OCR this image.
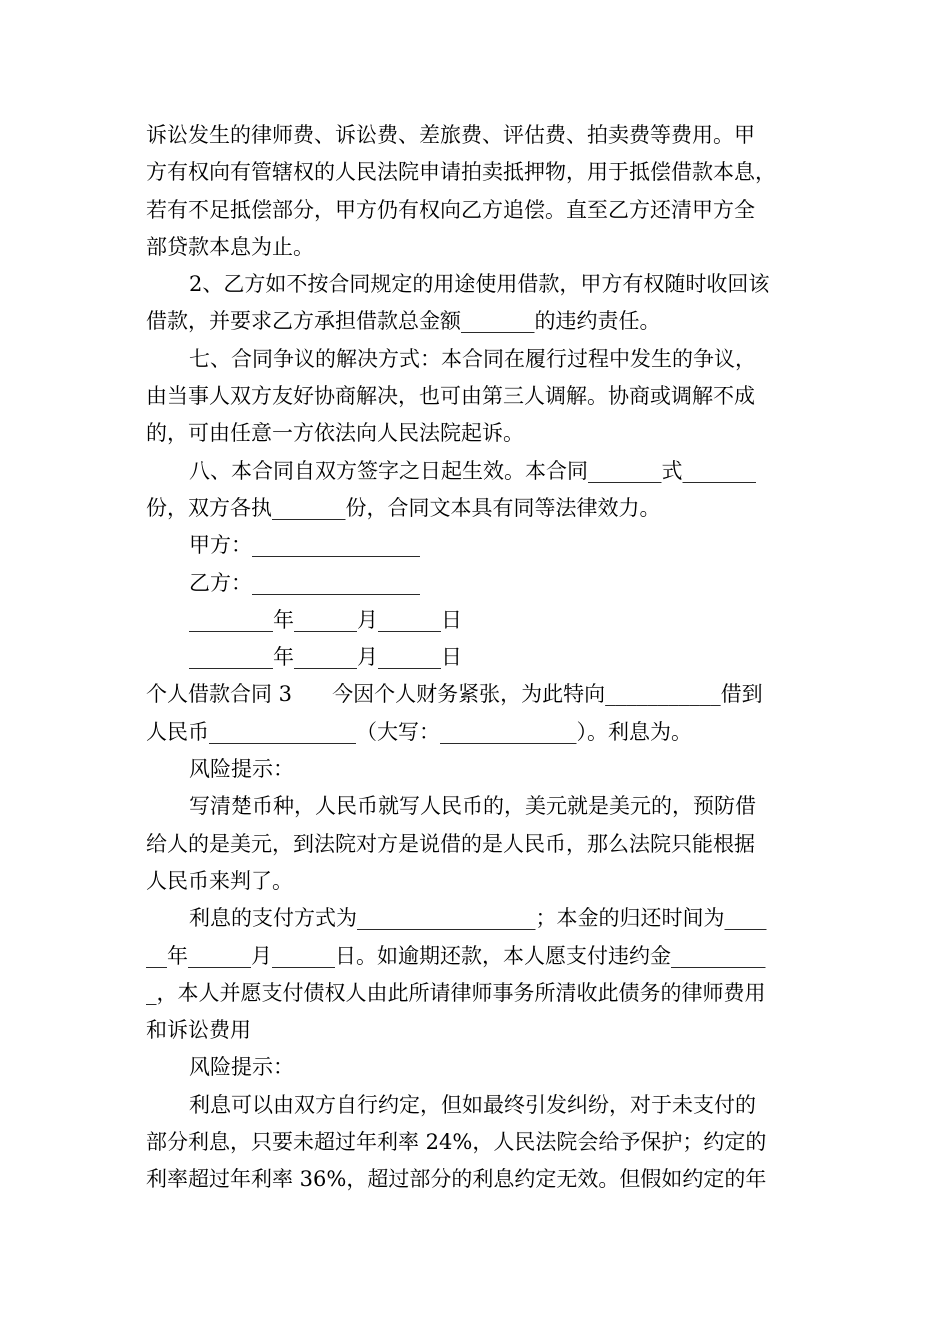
诉讼发生的律师费、诉讼费、差旅费、评估费、拍卖费等费用。甲
方有权向有管辖权的人民法院申请拍卖抵押物，用于抵偿借款本息，
若有不足抵偿部分，甲方仍有权向乙方追偿。直至乙方还清甲方全
部贷款本息为止。
2、乙方如不按合同规定的用途使用借款，甲方有权随时收回该
借款，并要求乙方承担借款总金额_______的违约责任。
七、合同争议的解决方式：本合同在履行过程中发生的争议，
由当事人双方友好协商解决，也可由第三人调解。协商或调解不成
的，可由任意一方依法向人民法院起诉。
八、本合同自双方签字之日起生效。本合同_______式_______
份，双方各执_______份，合同文本具有同等法律效力。
甲方：________________
乙方：________________
________年______月______日
________年______月______日
个人借款合同 3      今因个人财务紧张，为此特向___________借到
人民币______________（大写：_____________）。利息为。
风险提示：
写清楚币种，人民币就写人民币的，美元就是美元的，预防借
给人的是美元，到法院对方是说借的是人民币，那么法院只能根据
人民币来判了。
利息的支付方式为_________________；本金的归还时间为____
__年______月______日。如逾期还款，本人愿支付违约金_________
_，本人并愿支付债权人由此所请律师事务所清收此债务的律师费用
和诉讼费用
风险提示：
利息可以由双方自行约定，但如最终引发纠纷，对于未支付的
部分利息，只要未超过年利率 24%，人民法院会给予保护；约定的
利率超过年利率 36%，超过部分的利息约定无效。但假如约定的年
